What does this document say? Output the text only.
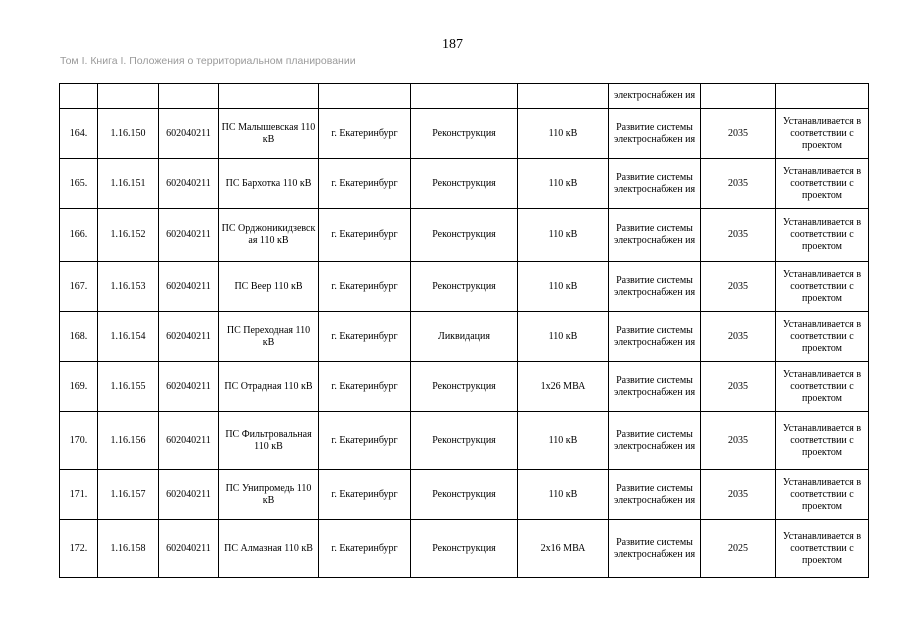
187
Том I. Книга I. Положения о территориальном планировании
							электроснабжен ия		
164.	1.16.150	602040211	ПС Малышевская 110 кВ	г. Екатеринбург	Реконструкция	110 кВ	Развитие системы электроснабжен ия	2035	Устанавливается в соответствии с проектом
165.	1.16.151	602040211	ПС Бархотка 110 кВ	г. Екатеринбург	Реконструкция	110 кВ	Развитие системы электроснабжен ия	2035	Устанавливается в соответствии с проектом
166.	1.16.152	602040211	ПС Орджоникидзевск ая 110 кВ	г. Екатеринбург	Реконструкция	110 кВ	Развитие системы электроснабжен ия	2035	Устанавливается в соответствии с проектом
167.	1.16.153	602040211	ПС Веер 110 кВ	г. Екатеринбург	Реконструкция	110 кВ	Развитие системы электроснабжен ия	2035	Устанавливается в соответствии с проектом
168.	1.16.154	602040211	ПС Переходная 110 кВ	г. Екатеринбург	Ликвидация	110 кВ	Развитие системы электроснабжен ия	2035	Устанавливается в соответствии с проектом
169.	1.16.155	602040211	ПС Отрадная 110 кВ	г. Екатеринбург	Реконструкция	1х26 МВА	Развитие системы электроснабжен ия	2035	Устанавливается в соответствии с проектом
170.	1.16.156	602040211	ПС Фильтровальная 110 кВ	г. Екатеринбург	Реконструкция	110 кВ	Развитие системы электроснабжен ия	2035	Устанавливается в соответствии с проектом
171.	1.16.157	602040211	ПС Унипромедь 110 кВ	г. Екатеринбург	Реконструкция	110 кВ	Развитие системы электроснабжен ия	2035	Устанавливается в соответствии с проектом
172.	1.16.158	602040211	ПС Алмазная 110 кВ	г. Екатеринбург	Реконструкция	2х16 МВА	Развитие системы электроснабжен ия	2025	Устанавливается в соответствии с проектом
